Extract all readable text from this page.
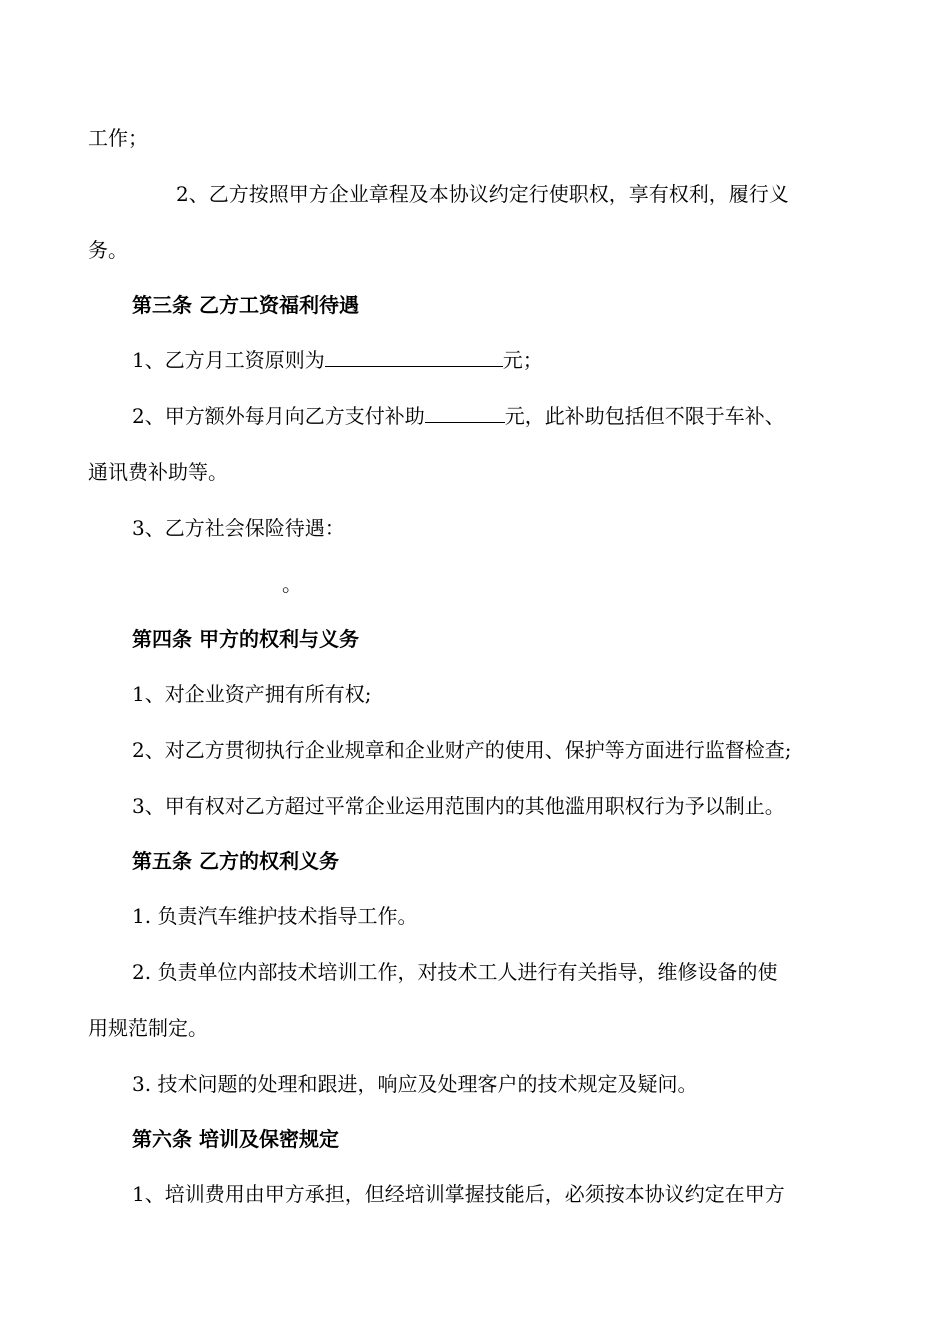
工作；
2、乙方按照甲方企业章程及本协议约定行使职权，享有权利，履行义
务。
第三条 乙方工资福利待遇
1、乙方月工资原则为	元；
2、甲方额外每月向乙方支付补助	元，此补助包括但不限于车补、
通讯费补助等。
3、乙方社会保险待遇：
。
第四条 甲方的权利与义务
1、对企业资产拥有所有权;
2、对乙方贯彻执行企业规章和企业财产的使用、保护等方面进行监督检查;
3、甲有权对乙方超过平常企业运用范围内的其他滥用职权行为予以制止。
第五条 乙方的权利义务
1. 负责汽车维护技术指导工作。
2. 负责单位内部技术培训工作，对技术工人进行有关指导，维修设备的使
用规范制定。
3. 技术问题的处理和跟进，响应及处理客户的技术规定及疑问。
第六条 培训及保密规定
1、培训费用由甲方承担，但经培训掌握技能后，必须按本协议约定在甲方
